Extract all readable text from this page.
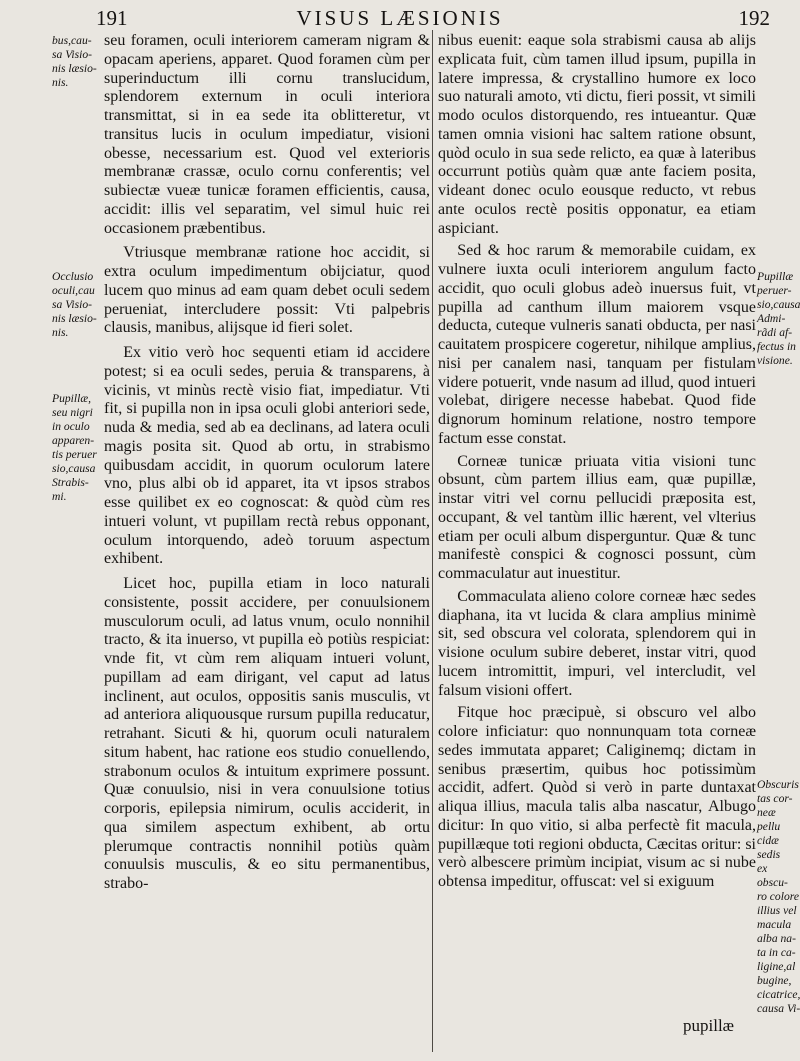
191	VISUS LÆSIONIS	192
bus,cau-
sa Visio-
nis læsio-
nis.
Occlusio
oculi,cau
sa Visio-
nis læsio-
nis.
Pupillæ,
seu nigri
in oculo
apparen-
tis peruer
sio,causa
Strabis-
mi.
Pupillæ
peruer-
sio,causa
Admi-
rãdi af-
fectus in
visione.
Obscuris
tas cor-
neæ pellu
cidæ sedis
ex obscu-
ro colore
illius vel
macula
alba na-
ta in ca-
ligine,al
bugine,
cicatrice,
causa Vi-

seu foramen, oculi interiorem cameram nigram & opacam aperiens, apparet. Quod foramen cùm per superinductum illi cornu translucidum, splendorem externum in oculi interiora transmittat, si in ea sede ita oblitteretur, vt transitus lucis in oculum impediatur, visioni obesse, necessarium est. Quod vel exterioris membranæ crassæ, oculo cornu conferentis; vel subiectæ vueæ tunicæ foramen efficientis, causa, accidit: illis vel separatim, vel simul huic rei occasionem præbentibus.

Vtriusque membranæ ratione hoc accidit, si extra oculum impedimentum obijciatur, quod lucem quo minus ad eam quam debet oculi sedem perueniat, intercludere possit: Vti palpebris clausis, manibus, alijsque id fieri solet.

Ex vitio verò hoc sequenti etiam id accidere potest; si ea oculi sedes, peruia & transparens, à vicinis, vt minùs rectè visio fiat, impediatur. Vti fit, si pupilla non in ipsa oculi globi anteriori sede, nuda & media, sed ab ea declinans, ad latera oculi magis posita sit. Quod ab ortu, in strabismo quibusdam accidit, in quorum oculorum latere vno, plus albi ob id apparet, ita vt ipsos strabos esse quilibet ex eo cognoscat: & quòd cùm res intueri volunt, vt pupillam rectà rebus opponant, oculum intorquendo, adeò toruum aspectum exhibent.

Licet hoc, pupilla etiam in loco naturali consistente, possit accidere, per conuulsionem musculorum oculi, ad latus vnum, oculo nonnihil tracto, & ita inuerso, vt pupilla eò potiùs respiciat: vnde fit, vt cùm rem aliquam intueri volunt, pupillam ad eam dirigant, vel caput ad latus inclinent, aut oculos, oppositis sanis musculis, vt ad anteriora aliquousque rursum pupilla reducatur, retrahant. Sicuti & hi, quorum oculi naturalem situm habent, hac ratione eos studio conuellendo, strabonum oculos & intuitum exprimere possunt. Quæ conuulsio, nisi in vera conuulsione totius corporis, epilepsia nimirum, oculis acciderit, in qua similem aspectum exhibent, ab ortu plerumque contractis nonnihil potiùs quàm conuulsis musculis, & eo situ permanentibus, strabo-

nibus euenit: eaque sola strabismi causa ab alijs explicata fuit, cùm tamen illud ipsum, pupilla in latere impressa, & crystallino humore ex loco suo naturali amoto, vti dictu, fieri possit, vt simili modo oculos distorquendo, res intueantur. Quæ tamen omnia visioni hac saltem ratione obsunt, quòd oculo in sua sede relicto, ea quæ à lateribus occurrunt potiùs quàm quæ ante faciem posita, videant donec oculo eousque reducto, vt rebus ante oculos rectè positis opponatur, ea etiam aspiciant.

Sed & hoc rarum & memorabile cuidam, ex vulnere iuxta oculi interiorem angulum facto accidit, quo oculi globus adeò inuersus fuit, vt pupilla ad canthum illum maiorem vsque deducta, cuteque vulneris sanati obducta, per nasi cauitatem prospicere cogeretur, nihilque amplius, nisi per canalem nasi, tanquam per fistulam videre potuerit, vnde nasum ad illud, quod intueri volebat, dirigere necesse habebat. Quod fide dignorum hominum relatione, nostro tempore factum esse constat.

Corneæ tunicæ priuata vitia visioni tunc obsunt, cùm partem illius eam, quæ pupillæ, instar vitri vel cornu pellucidi præposita est, occupant, & vel tantùm illic hærent, vel vlterius etiam per oculi album disperguntur. Quæ & tunc manifestè conspici & cognosci possunt, cùm commaculatur aut inuestitur.

Commaculata alieno colore corneæ hæc sedes diaphana, ita vt lucida & clara amplius minimè sit, sed obscura vel colorata, splendorem qui in visione oculum subire deberet, instar vitri, quod lucem intromittit, impuri, vel intercludit, vel falsum visioni offert.

Fitque hoc præcipuè, si obscuro vel albo colore inficiatur: quo nonnunquam tota corneæ sedes immutata apparet; Caliginemq; dictam in senibus præsertim, quibus hoc potissimùm accidit, adfert. Quòd si verò in parte duntaxat aliqua illius, macula talis alba nascatur, Albugo dicitur: In quo vitio, si alba perfectè fit macula, pupillæque toti regioni obducta, Cæcitas oritur: si verò albescere primùm incipiat, visum ac si nube obtensa impeditur, offuscat: vel si exiguum

pupillæ
